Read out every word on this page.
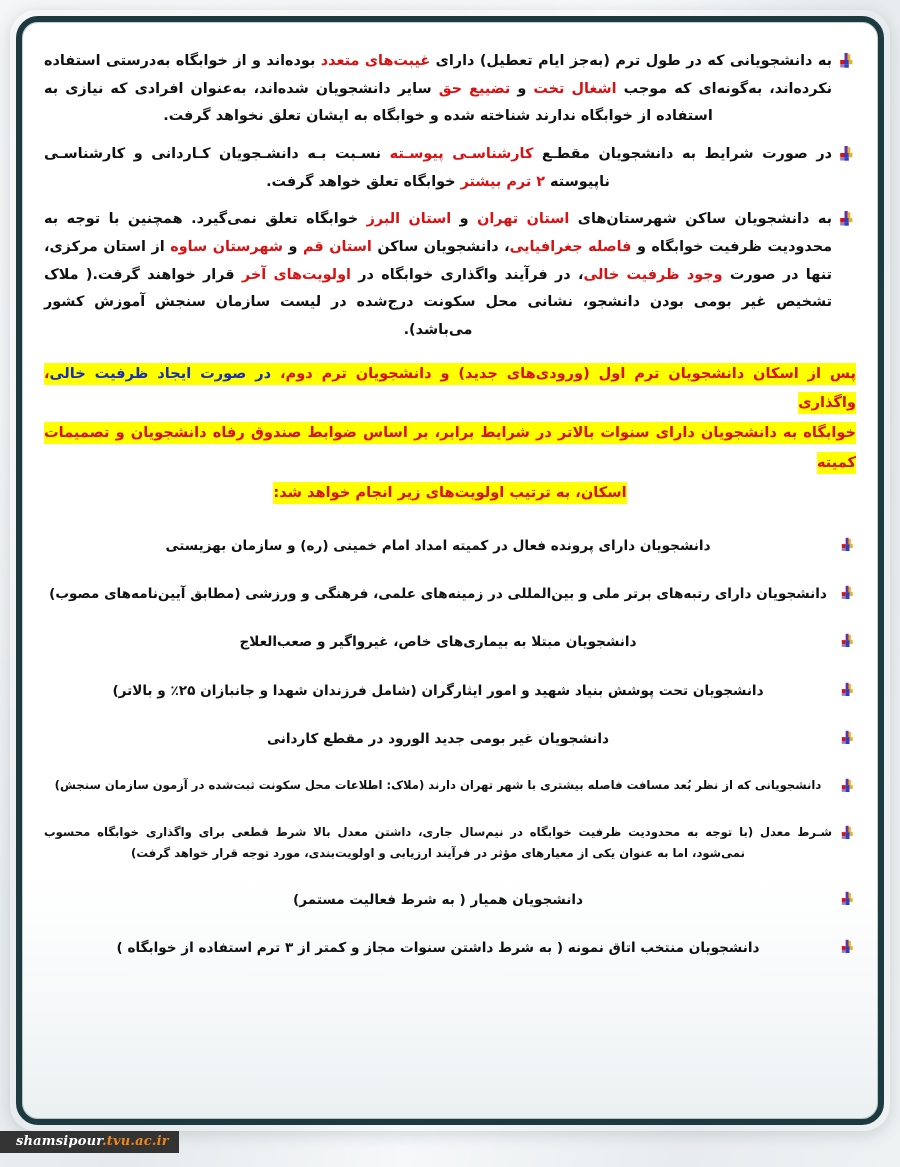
به دانشجویانی که در طول ترم (به‌جز ایام تعطیل) دارای غیبت‌های متعدد بوده‌اند و از خوابگاه به‌درستی استفاده نکرده‌اند، به‌گونه‌ای که موجب اشغال تخت و تضییع حق سایر دانشجویان شده‌اند، به‌عنوان افرادی که نیازی به استفاده از خوابگاه ندارند شناخته شده و خوابگاه به ایشان تعلق نخواهد گرفت.
در صورت شرایط به دانشجویان مقطـع کارشناسـی پیوسـته نسـبت بـه دانشـجویان کـاردانی و کارشناسـی ناپیوسته ۲ ترم بیشتر خوابگاه تعلق خواهد گرفت.
به دانشجویان ساکن شهرستان‌های استان تهران و استان البرز خوابگاه تعلق نمی‌گیرد. همچنین با توجه به محدودیت ظرفیت خوابگاه و فاصله جغرافیایی، دانشجویان ساکن استان قم و شهرستان ساوه از استان مرکزی، تنها در صورت وجود ظرفیت خالی، در فرآیند واگذاری خوابگاه در اولویت‌های آخر قرار خواهند گرفت.( ملاک تشخیص غیر بومی بودن دانشجو، نشانی محل سکونت درج‌شده در لیست سازمان سنجش آموزش کشور می‌باشد).
پس از اسکان دانشجویان ترم اول (ورودی‌های جدید) و دانشجویان ترم دوم، در صورت ایجاد ظرفیت خالی، واگذاری
خوابگاه به دانشجویان دارای سنوات بالاتر در شرایط برابر، بر اساس ضوابط صندوق رفاه دانشجویان و تصمیمات کمیته
اسکان، به ترتیب اولویت‌های زیر انجام خواهد شد:
دانشجویان دارای پرونده فعال در کمیته امداد امام خمینی (ره) و سازمان بهزیستی
دانشجویان دارای رتبه‌های برتر ملی و بین‌المللی در زمینه‌های علمی، فرهنگی و ورزشی (مطابق آیین‌نامه‌های مصوب)
دانشجویان مبتلا به بیماری‌های خاص، غیرواگیر و صعب‌العلاج
دانشجویان تحت پوشش بنیاد شهید و امور ایثارگران (شامل فرزندان شهدا و جانبازان ۲۵٪ و بالاتر)
دانشجویان غیر بومی جدید الورود در مقطع کاردانی
دانشجویانی که از نظر بُعد مسافت فاصله بیشتری با شهر تهران دارند (ملاک: اطلاعات محل سکونت ثبت‌شده در آزمون سازمان سنجش)
شـرط معدل (با توجه به محدودیت ظرفیت خوابگاه در نیم‌سال جاری، داشتن معدل بالا شرط قطعی برای واگذاری خوابگاه محسوب نمی‌شود، اما به عنوان یکی از معیارهای مؤثر در فرآیند ارزیابی و اولویت‌بندی، مورد توجه قرار خواهد گرفت)
دانشجویان همیار ( به شرط فعالیت مستمر)
دانشجویان منتخب اتاق نمونه ( به شرط داشتن سنوات مجاز و کمتر از ۳ ترم استفاده از خوابگاه )
shamsipour.tvu.ac.ir
